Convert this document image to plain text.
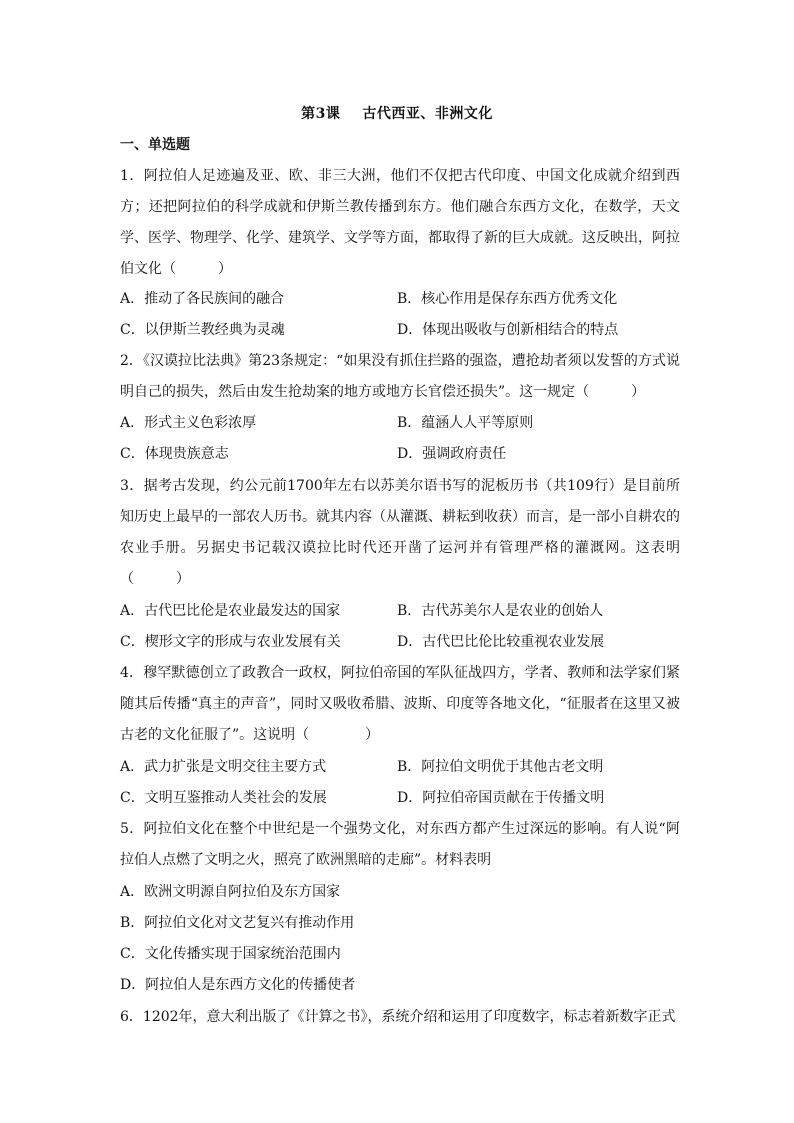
第3课 古代西亚、非洲文化
一、单选题
1．阿拉伯人足迹遍及亚、欧、非三大洲，他们不仅把古代印度、中国文化成就介绍到西方；还把阿拉伯的科学成就和伊斯兰教传播到东方。他们融合东西方文化，在数学，天文学、医学、物理学、化学、建筑学、文学等方面，都取得了新的巨大成就。这反映出，阿拉伯文化（　　　）
A．推动了各民族间的融合	B．核心作用是保存东西方优秀文化
C．以伊斯兰教经典为灵魂	D．体现出吸收与创新相结合的特点
2．《汉谟拉比法典》第23条规定：“如果没有抓住拦路的强盗，遭抢劫者须以发誓的方式说明自己的损失，然后由发生抢劫案的地方或地方长官偿还损失”。这一规定（　　　）
A．形式主义色彩浓厚	B．蕴涵人人平等原则
C．体现贵族意志	D．强调政府责任
3．据考古发现，约公元前1700年左右以苏美尔语书写的泥板历书（共109行）是目前所知历史上最早的一部农人历书。就其内容（从灌溉、耕耘到收获）而言，是一部小自耕农的农业手册。另据史书记载汉谟拉比时代还开凿了运河并有管理严格的灌溉网。这表明（　　　）
A．古代巴比伦是农业最发达的国家	B．古代苏美尔人是农业的创始人
C．楔形文字的形成与农业发展有关	D．古代巴比伦比较重视农业发展
4．穆罕默德创立了政教合一政权，阿拉伯帝国的军队征战四方，学者、教师和法学家们紧随其后传播“真主的声音”，同时又吸收希腊、波斯、印度等各地文化，“征服者在这里又被古老的文化征服了”。这说明（　　　　）
A．武力扩张是文明交往主要方式	B．阿拉伯文明优于其他古老文明
C．文明互鉴推动人类社会的发展	D．阿拉伯帝国贡献在于传播文明
5．阿拉伯文化在整个中世纪是一个强势文化，对东西方都产生过深远的影响。有人说“阿拉伯人点燃了文明之火，照亮了欧洲黑暗的走廊”。材料表明
A．欧洲文明源自阿拉伯及东方国家
B．阿拉伯文化对文艺复兴有推动作用
C．文化传播实现于国家统治范围内
D．阿拉伯人是东西方文化的传播使者
6．1202年，意大利出版了《计算之书》，系统介绍和运用了印度数字，标志着新数字正式
